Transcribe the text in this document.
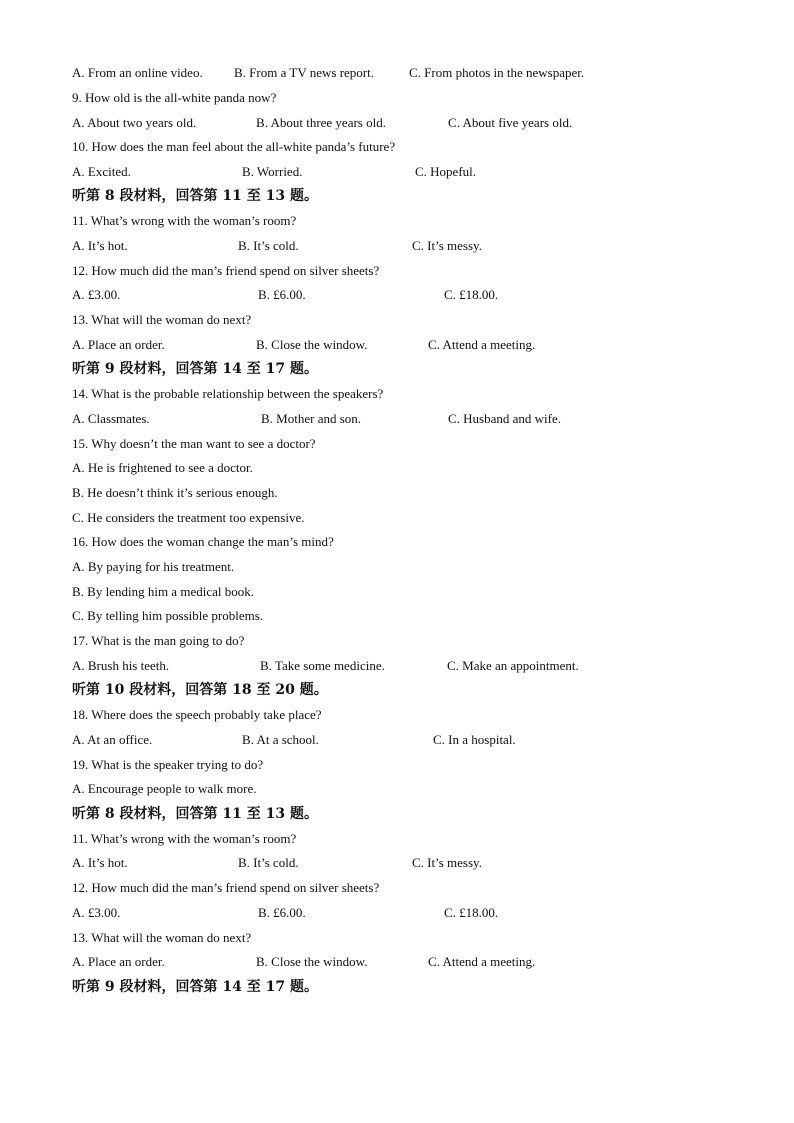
A. From an online video. B. From a TV news report.	C. From photos in the newspaper.
9. How old is the all-white panda now?
A. About two years old.	B. About three years old.	C. About five years old.
10. How does the man feel about the all-white panda’s future?
A. Excited.	B. Worried.	C. Hopeful.
听第 8 段材料，回答第 11 至 13 题。
11. What’s wrong with the woman’s room?
A. It’s hot.	B. It’s cold.	C. It’s messy.
12. How much did the man’s friend spend on silver sheets?
A. £3.00.	B. £6.00.	C. £18.00.
13. What will the woman do next?
A. Place an order.	B. Close the window.	C. Attend a meeting.
听第 9 段材料，回答第 14 至 17 题。
14. What is the probable relationship between the speakers?
A. Classmates.	B. Mother and son.	C. Husband and wife.
15. Why doesn’t the man want to see a doctor?
A. He is frightened to see a doctor.
B. He doesn’t think it’s serious enough.
C. He considers the treatment too expensive.
16. How does the woman change the man’s mind?
A. By paying for his treatment.
B. By lending him a medical book.
C. By telling him possible problems.
17. What is the man going to do?
A. Brush his teeth.	B. Take some medicine.	C. Make an appointment.
听第 10 段材料，回答第 18 至 20 题。
18. Where does the speech probably take place?
A. At an office.	B. At a school.	C. In a hospital.
19. What is the speaker trying to do?
A. Encourage people to walk more.
听第 8 段材料，回答第 11 至 13 题。
11. What’s wrong with the woman’s room?
A. It’s hot.	B. It’s cold.	C. It’s messy.
12. How much did the man’s friend spend on silver sheets?
A. £3.00.	B. £6.00.	C. £18.00.
13. What will the woman do next?
A. Place an order.	B. Close the window.	C. Attend a meeting.
听第 9 段材料，回答第 14 至 17 题。
